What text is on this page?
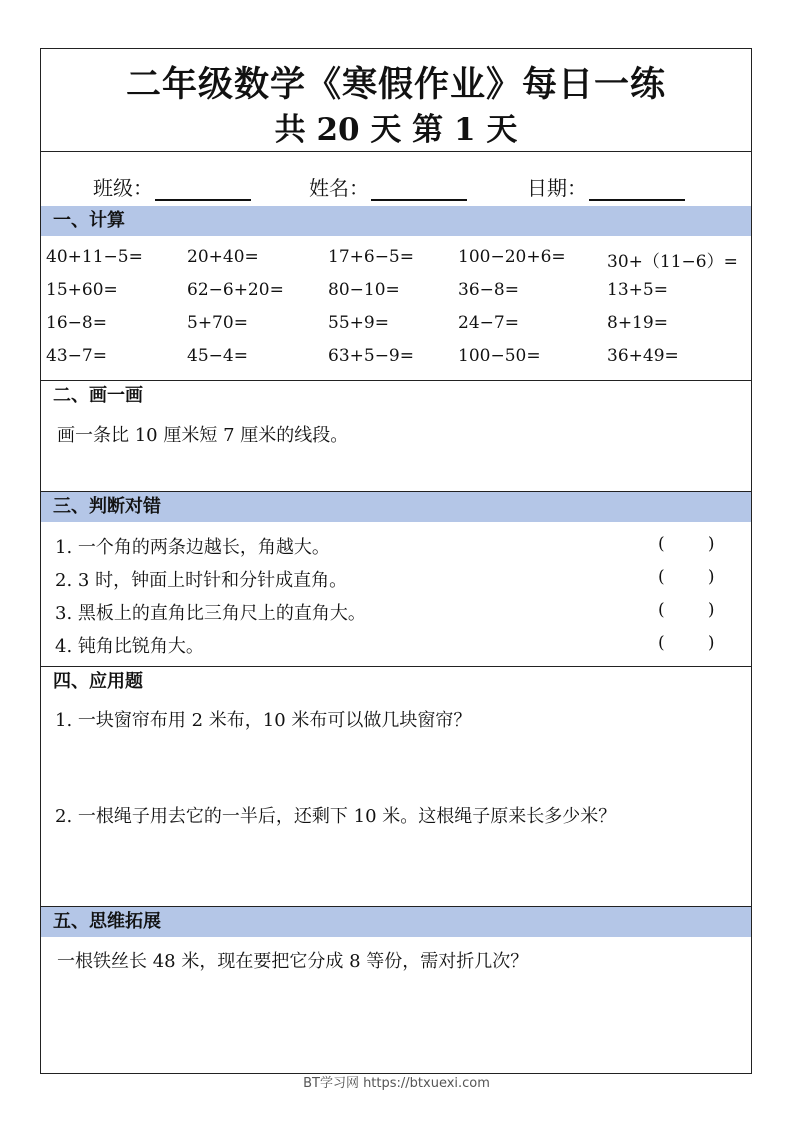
二年级数学《寒假作业》每日一练
共 20 天 第 1 天
班级：	姓名：	日期：
一、计算
40+11−5=	20+40=	17+6−5=	100−20+6= 30+（11−6）=
15+60=	62−6+20=	80−10=	36−8=	13+5=
16−8=	5+70=	55+9=	24−7=	8+19=
43−7=	45−4=	63+5−9=	100−50=	36+49=
二、画一画
画一条比 10 厘米短 7 厘米的线段。
三、判断对错
1. 一个角的两条边越长，角越大。	(        )
2. 3 时，钟面上时针和分针成直角。	(        )
3. 黑板上的直角比三角尺上的直角大。	(        )
4. 钝角比锐角大。	(        )
四、应用题
1. 一块窗帘布用 2 米布，10 米布可以做几块窗帘？
2. 一根绳子用去它的一半后，还剩下 10 米。这根绳子原来长多少米？
五、思维拓展
一根铁丝长 48 米，现在要把它分成 8 等份，需对折几次？
BT学习网 https://btxuexi.com
